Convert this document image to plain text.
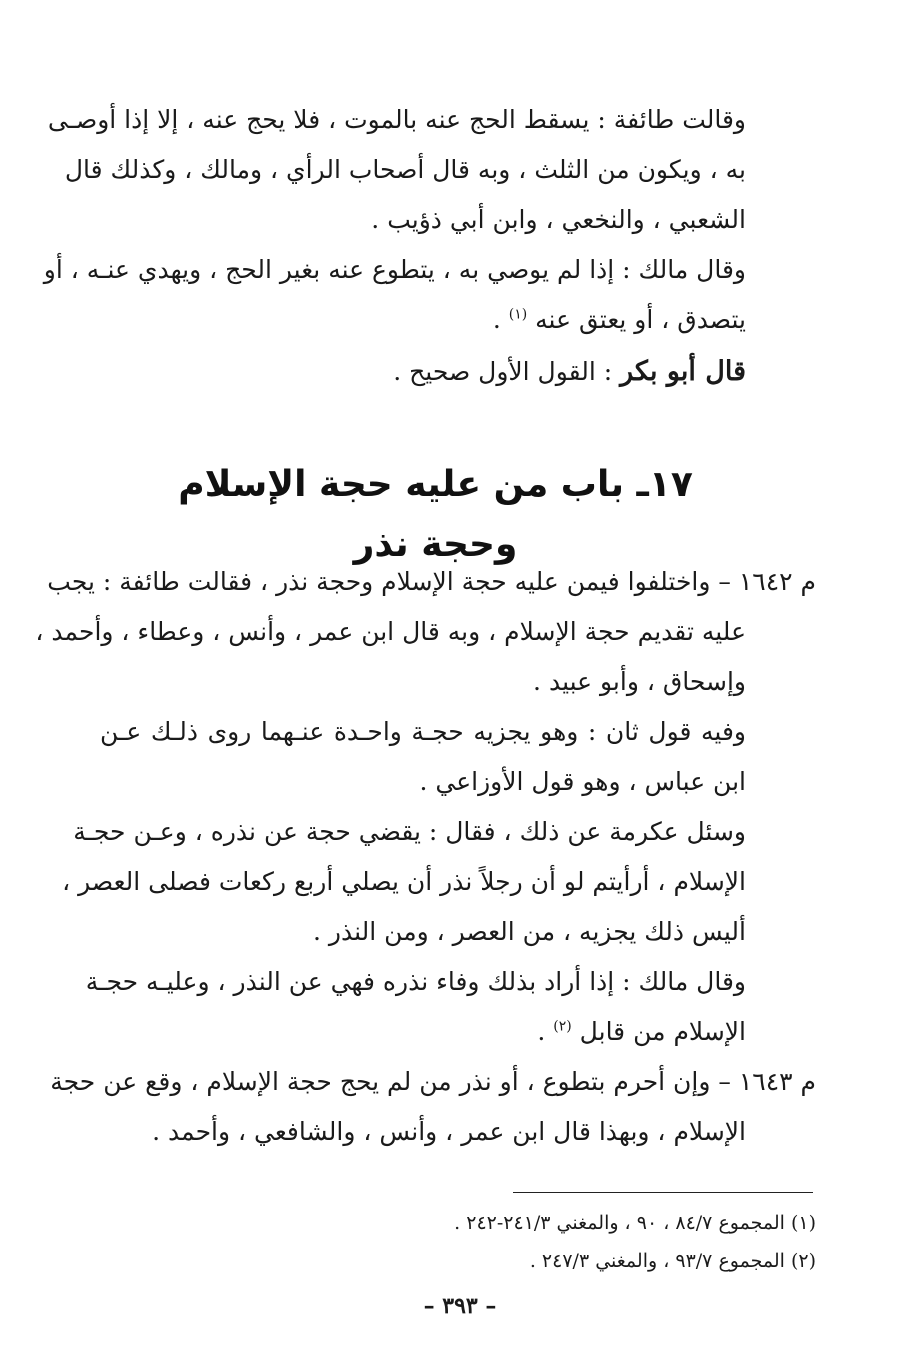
وقالت طائفة : يسقط الحج عنه بالموت ، فلا يحج عنه ، إلا إذا أوصـى
به ، ويكون من الثلث ، وبه قال أصحاب الرأي ، ومالك ، وكذلك قال
الشعبي ، والنخعي ، وابن أبي ذؤيب .
وقال مالك : إذا لم يوصي به ، يتطوع عنه بغير الحج ، ويهدي عنـه ، أو
يتصدق ، أو يعتق عنه $^{(١)}$ .
قال أبو بكر : القول الأول صحيح .
١٧ـ باب من عليه حجة الإسلام وحجة نذر
م ١٦٤٢ – واختلفوا فيمن عليه حجة الإسلام وحجة نذر ، فقالت طائفة : يجب
عليه تقديم حجة الإسلام ، وبه قال ابن عمر ، وأنس ، وعطاء ، وأحمد ،
وإسحاق ، وأبو عبيد .
وفيه قول ثان : وهو يجزيه حجـة واحـدة عنـهما روى ذلـك عـن
ابن عباس ، وهو قول الأوزاعي .
وسئل عكرمة عن ذلك ، فقال : يقضي حجة عن نذره ، وعـن حجـة
الإسلام ، أرأيتم لو أن رجلاً نذر أن يصلي أربع ركعات فصلى العصر ،
أليس ذلك يجزيه ، من العصر ، ومن النذر .
وقال مالك : إذا أراد بذلك وفاء نذره فهي عن النذر ، وعليـه حجـة
الإسلام من قابل $^{(٢)}$ .
م ١٦٤٣ – وإن أحرم بتطوع ، أو نذر من لم يحج حجة الإسلام ، وقع عن حجة
الإسلام ، وبهذا قال ابن عمر ، وأنس ، والشافعي ، وأحمد .
(١) المجموع ٨٤/٧ ، ٩٠ ، والمغني ٢٤١/٣-٢٤٢ .
(٢) المجموع ٩٣/٧ ، والمغني ٢٤٧/٣ .
– ٣٩٣ –
